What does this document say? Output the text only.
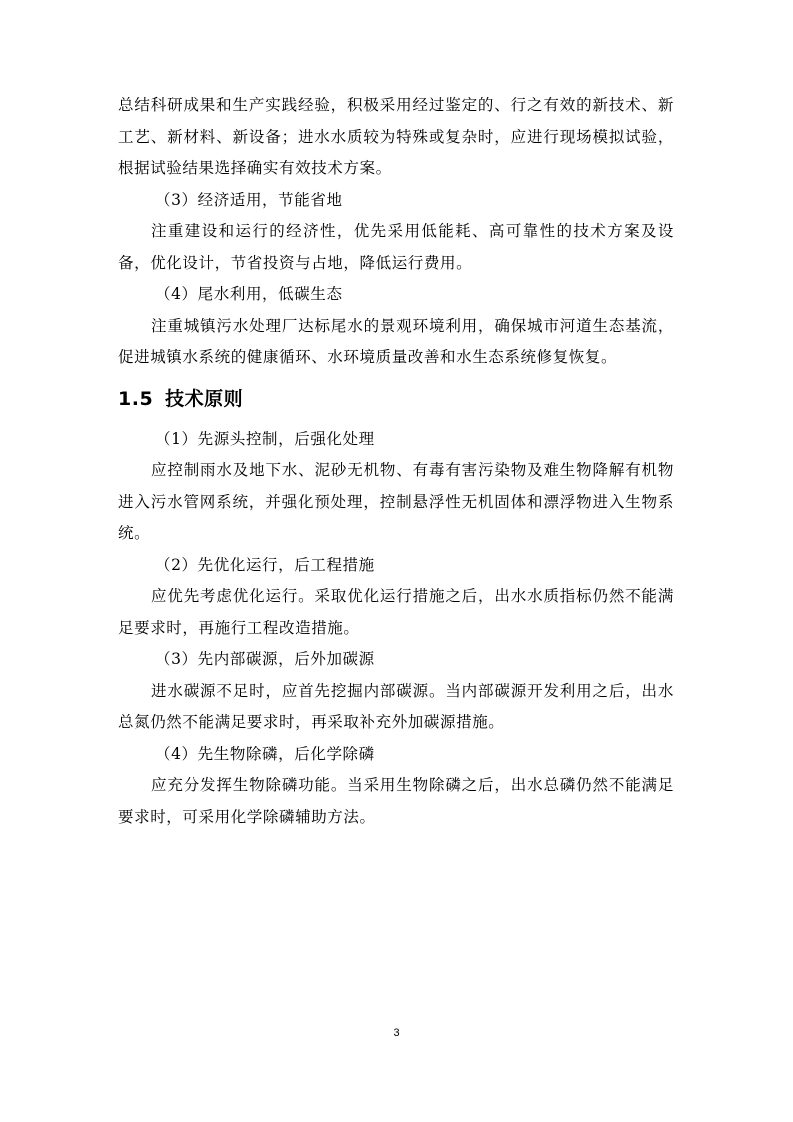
总结科研成果和生产实践经验，积极采用经过鉴定的、行之有效的新技术、新工艺、新材料、新设备；进水水质较为特殊或复杂时，应进行现场模拟试验，根据试验结果选择确实有效技术方案。

（3）经济适用，节能省地

注重建设和运行的经济性，优先采用低能耗、高可靠性的技术方案及设备，优化设计，节省投资与占地，降低运行费用。

（4）尾水利用，低碳生态

注重城镇污水处理厂达标尾水的景观环境利用，确保城市河道生态基流，促进城镇水系统的健康循环、水环境质量改善和水生态系统修复恢复。

1.5 技术原则

（1）先源头控制，后强化处理

应控制雨水及地下水、泥砂无机物、有毒有害污染物及难生物降解有机物进入污水管网系统，并强化预处理，控制悬浮性无机固体和漂浮物进入生物系统。

（2）先优化运行，后工程措施

应优先考虑优化运行。采取优化运行措施之后，出水水质指标仍然不能满足要求时，再施行工程改造措施。

（3）先内部碳源，后外加碳源

进水碳源不足时，应首先挖掘内部碳源。当内部碳源开发利用之后，出水总氮仍然不能满足要求时，再采取补充外加碳源措施。

（4）先生物除磷，后化学除磷

应充分发挥生物除磷功能。当采用生物除磷之后，出水总磷仍然不能满足要求时，可采用化学除磷辅助方法。

3
